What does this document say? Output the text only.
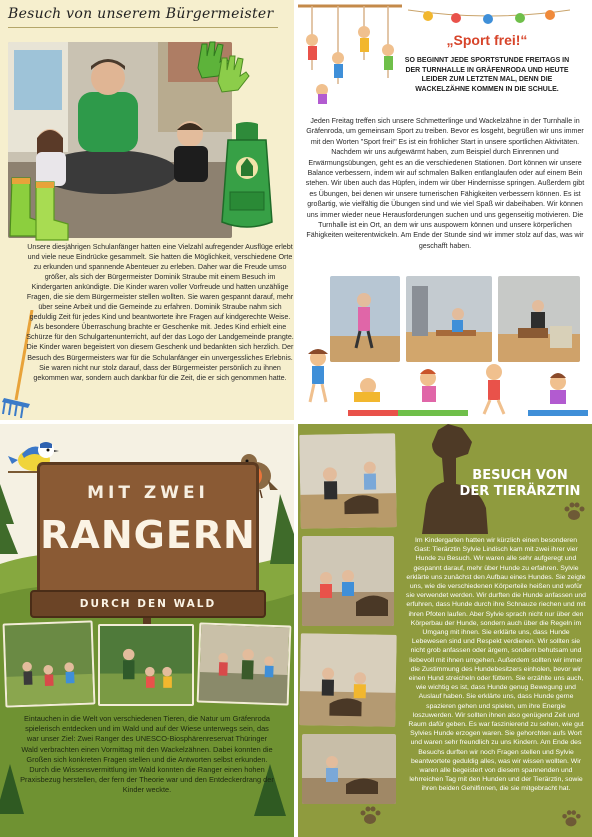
Besuch von unserem Bürgermeister
Unsere diesjährigen Schulanfänger hatten eine Vielzahl aufregender Ausflüge erlebt und viele neue Eindrücke gesammelt. Sie hatten die Möglichkeit, verschiedene Orte zu erkunden und spannende Abenteuer zu erleben. Daher war die Freude umso größer, als sich der Bürgermeister Dominik Straube mit einem Besuch im Kindergarten ankündigte. Die Kinder waren voller Vorfreude und hatten unzählige Fragen, die sie dem Bürgermeister stellen wollten. Sie waren gespannt darauf, mehr über seine Arbeit und die Gemeinde zu erfahren. Dominik Straube nahm sich geduldig Zeit für jedes Kind und beantwortete ihre Fragen auf kindgerechte Weise. Als besondere Überraschung brachte er Geschenke mit. Jedes Kind erhielt eine Schürze für den Schulgartenunterricht, auf der das Logo der Landgemeinde prangte. Die Kinder waren begeistert von diesem Geschenk und bedankten sich herzlich. Der Besuch des Bürgermeisters war für die Schulanfänger ein unvergessliches Erlebnis. Sie waren nicht nur stolz darauf, dass der Bürgermeister persönlich zu ihnen gekommen war, sondern auch dankbar für die Zeit, die er sich genommen hatte.
„Sport frei!“
SO BEGINNT JEDE SPORTSTUNDE FREITAGS IN DER TURNHALLE IN GRÄFENRODA UND HEUTE LEIDER ZUM LETZTEN MAL, DENN DIE WACKELZÄHNE KOMMEN IN DIE SCHULE.
Jeden Freitag treffen sich unsere Schmetterlinge und Wackelzähne in der Turnhalle in Gräfenroda, um gemeinsam Sport zu treiben. Bevor es losgeht, begrüßen wir uns immer mit den Worten "Sport frei!" Es ist ein fröhlicher Start in unsere sportlichen Aktivitäten. Nachdem wir uns aufgewärmt haben, zum Beispiel durch Einrennen und Erwärmungsübungen, geht es an die verschiedenen Stationen. Dort können wir unsere Balance verbessern, indem wir auf schmalen Balken entlanglaufen oder auf einem Bein stehen. Wir üben auch das Hüpfen, indem wir über Hindernisse springen. Außerdem gibt es Übungen, bei denen wir unsere turnerischen Fähigkeiten verbessern können. Es ist großartig, wie vielfältig die Übungen sind und wie viel Spaß wir dabeihaben. Wir können uns immer wieder neue Herausforderungen suchen und uns gegenseitig motivieren. Die Turnhalle ist ein Ort, an dem wir uns auspowern können und unsere körperlichen Fähigkeiten weiterentwickeln. Am Ende der Stunde sind wir immer stolz auf das, was wir geschafft haben.
MIT ZWEI
RANGERN
DURCH DEN WALD
Eintauchen in die Welt von verschiedenen Tieren, die Natur um Gräfenroda spielerisch entdecken und im Wald und auf der Wiese unterwegs sein, das war unser Ziel: Zwei Ranger des UNESCO-Biosphärenreservat Thüringer Wald verbrachten einen Vormittag mit den Wackelzähnen. Dabei konnten die Großen sich konkreten Fragen stellen und die Antworten selbst erkunden. Durch die Wissensvermittlung im Wald konnten die Ranger einen hohen Praxisbezug herstellen, der fern der Theorie war und den Entdeckerdrang der Kinder weckte.
BESUCH VON DER TIERÄRZTIN
Im Kindergarten hatten wir kürzlich einen besonderen Gast: Tierärztin Sylvie Lindisch kam mit zwei ihrer vier Hunde zu Besuch. Wir waren alle sehr aufgeregt und gespannt darauf, mehr über Hunde zu erfahren. Sylvie erklärte uns zunächst den Aufbau eines Hundes. Sie zeigte uns, wie die verschiedenen Körperteile heißen und wofür sie verwendet werden. Wir durften die Hunde anfassen und erfuhren, dass Hunde durch ihre Schnauze riechen und mit ihren Pfoten laufen. Aber Sylvie sprach nicht nur über den Körperbau der Hunde, sondern auch über die Regeln im Umgang mit ihnen. Sie erklärte uns, dass Hunde Lebewesen sind und Respekt verdienen. Wir sollten sie nicht grob anfassen oder ärgern, sondern behutsam und liebevoll mit ihnen umgehen. Außerdem sollten wir immer die Zustimmung des Hundebesitzers einholen, bevor wir einen Hund streicheln oder füttern. Sie erzählte uns auch, wie wichtig es ist, dass Hunde genug Bewegung und Auslauf haben. Sie erklärte uns, dass Hunde gerne spazieren gehen und spielen, um ihre Energie loszuwerden. Wir sollten ihnen also genügend Zeit und Raum dafür geben. Es war faszinierend zu sehen, wie gut Sylvies Hunde erzogen waren. Sie gehorchten aufs Wort und waren sehr freundlich zu uns Kindern. Am Ende des Besuchs durften wir noch Fragen stellen und Sylvie beantwortete geduldig alles, was wir wissen wollten. Wir waren alle begeistert von diesem spannenden und lehrreichen Tag mit den Hunden und der Tierärztin, sowie ihren beiden Gehilfinnen, die sie mitgebracht hat.
